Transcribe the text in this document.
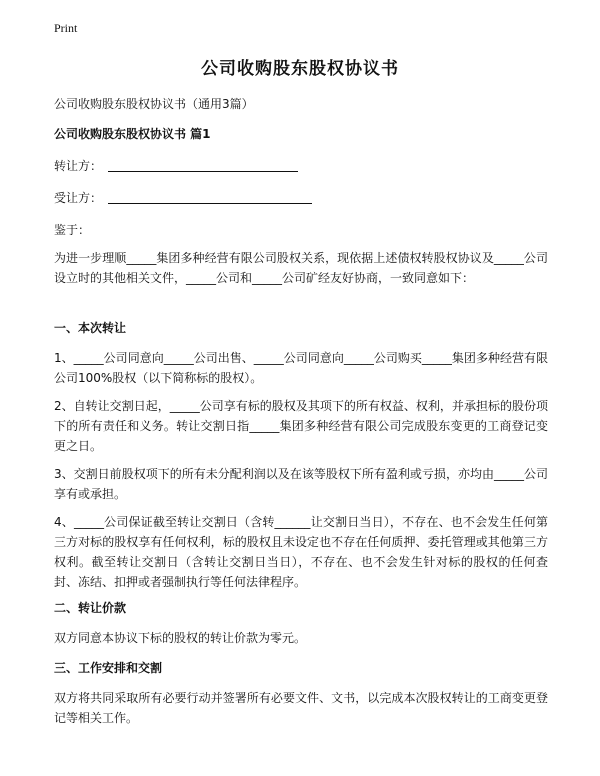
Print
公司收购股东股权协议书
公司收购股东股权协议书（通用3篇）
公司收购股东股权协议书 篇1
转让方：
受让方：
鉴于：
为进一步理顺_____集团多种经营有限公司股权关系，现依据上述债权转股权协议及_____公司设立时的其他相关文件，_____公司和_____公司矿经友好协商，一致同意如下：
一、本次转让
1、_____公司同意向_____公司出售、_____公司同意向_____公司购买_____集团多种经营有限公司100%股权（以下简称标的股权）。
2、自转让交割日起，_____公司享有标的股权及其项下的所有权益、权利，并承担标的股份项下的所有责任和义务。转让交割日指_____集团多种经营有限公司完成股东变更的工商登记变更之日。
3、交割日前股权项下的所有未分配利润以及在该等股权下所有盈利或亏损，亦均由_____公司享有或承担。
4、_____公司保证截至转让交割日（含转______让交割日当日），不存在、也不会发生任何第三方对标的股权享有任何权利，标的股权且未设定也不存在任何质押、委托管理或其他第三方权利。截至转让交割日（含转让交割日当日），不存在、也不会发生针对标的股权的任何查封、冻结、扣押或者强制执行等任何法律程序。
二、转让价款
双方同意本协议下标的股权的转让价款为零元。
三、工作安排和交割
双方将共同采取所有必要行动并签署所有必要文件、文书，以完成本次股权转让的工商变更登记等相关工作。
